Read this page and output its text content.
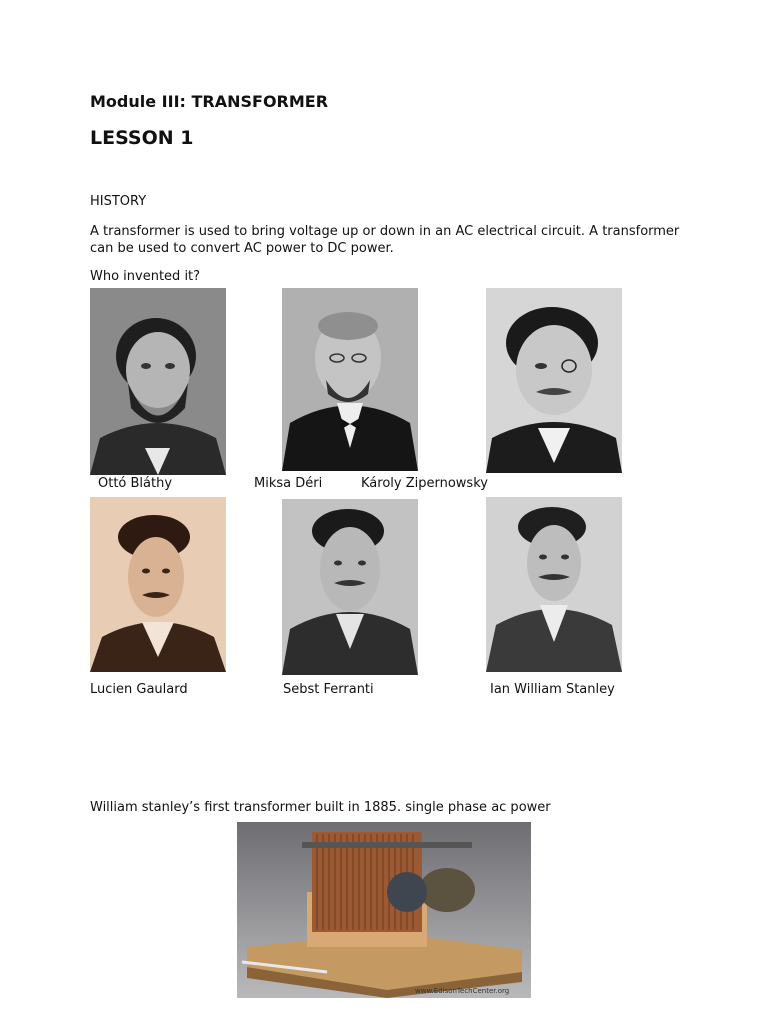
Module III: TRANSFORMER
LESSON 1
HISTORY
A transformer is used to bring voltage up or down in an AC electrical circuit. A transformer
can be used to convert AC power to DC power.
Who invented it?
Ottó Bláthy	Miksa Déri	Károly Zipernowsky
Lucien Gaulard	Sebst Ferranti	Ian William Stanley
William stanley’s first transformer built in 1885. single phase ac power
www.EdisonTechCenter.org
